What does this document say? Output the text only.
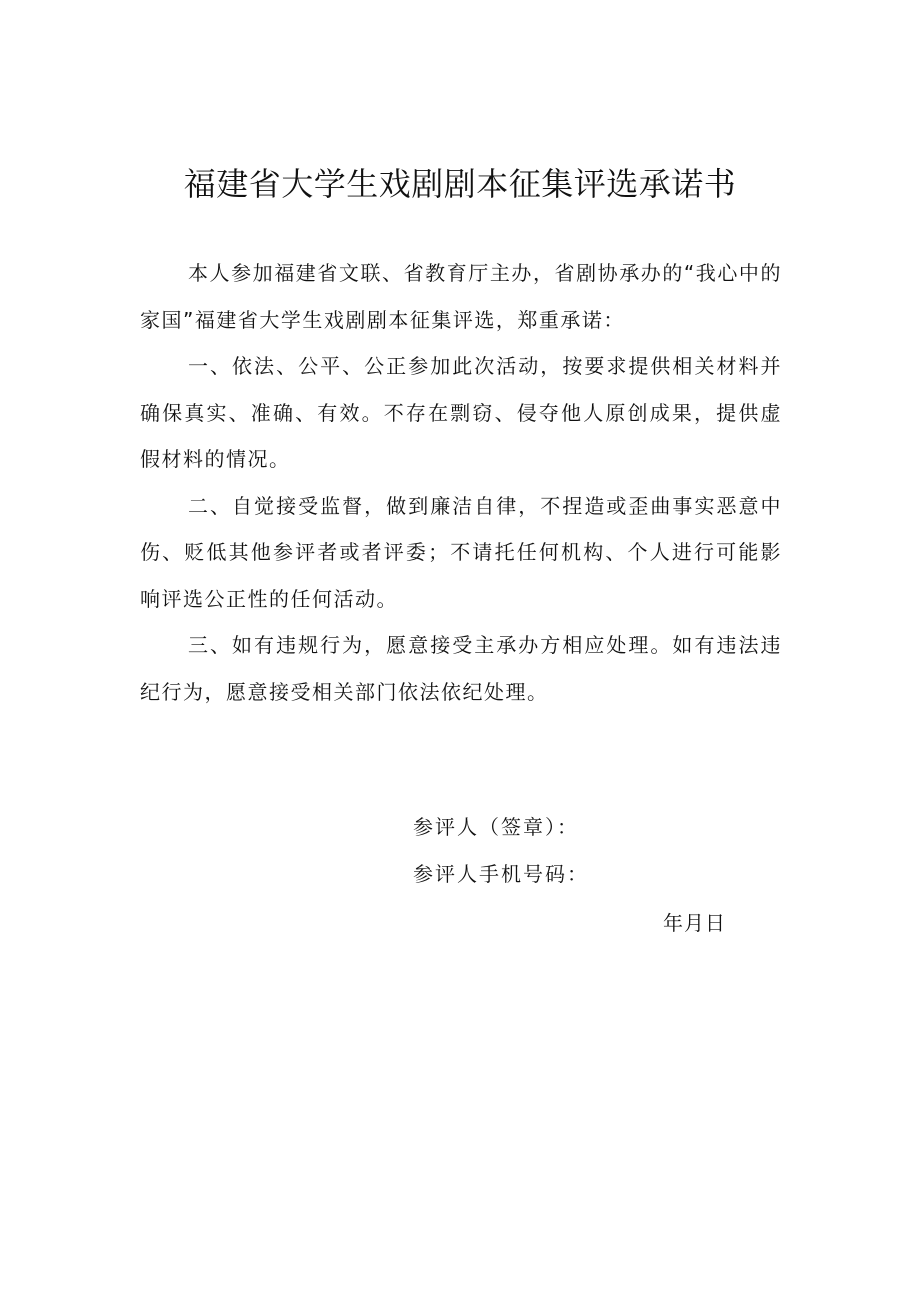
福建省大学生戏剧剧本征集评选承诺书

本人参加福建省文联、省教育厅主办，省剧协承办的“我心中的家国”福建省大学生戏剧剧本征集评选，郑重承诺：

一、依法、公平、公正参加此次活动，按要求提供相关材料并确保真实、准确、有效。不存在剽窃、侵夺他人原创成果，提供虚假材料的情况。

二、自觉接受监督，做到廉洁自律，不捏造或歪曲事实恶意中伤、贬低其他参评者或者评委；不请托任何机构、个人进行可能影响评选公正性的任何活动。

三、如有违规行为，愿意接受主承办方相应处理。如有违法违纪行为，愿意接受相关部门依法依纪处理。

参评人（签章）：
参评人手机号码：
年月日
